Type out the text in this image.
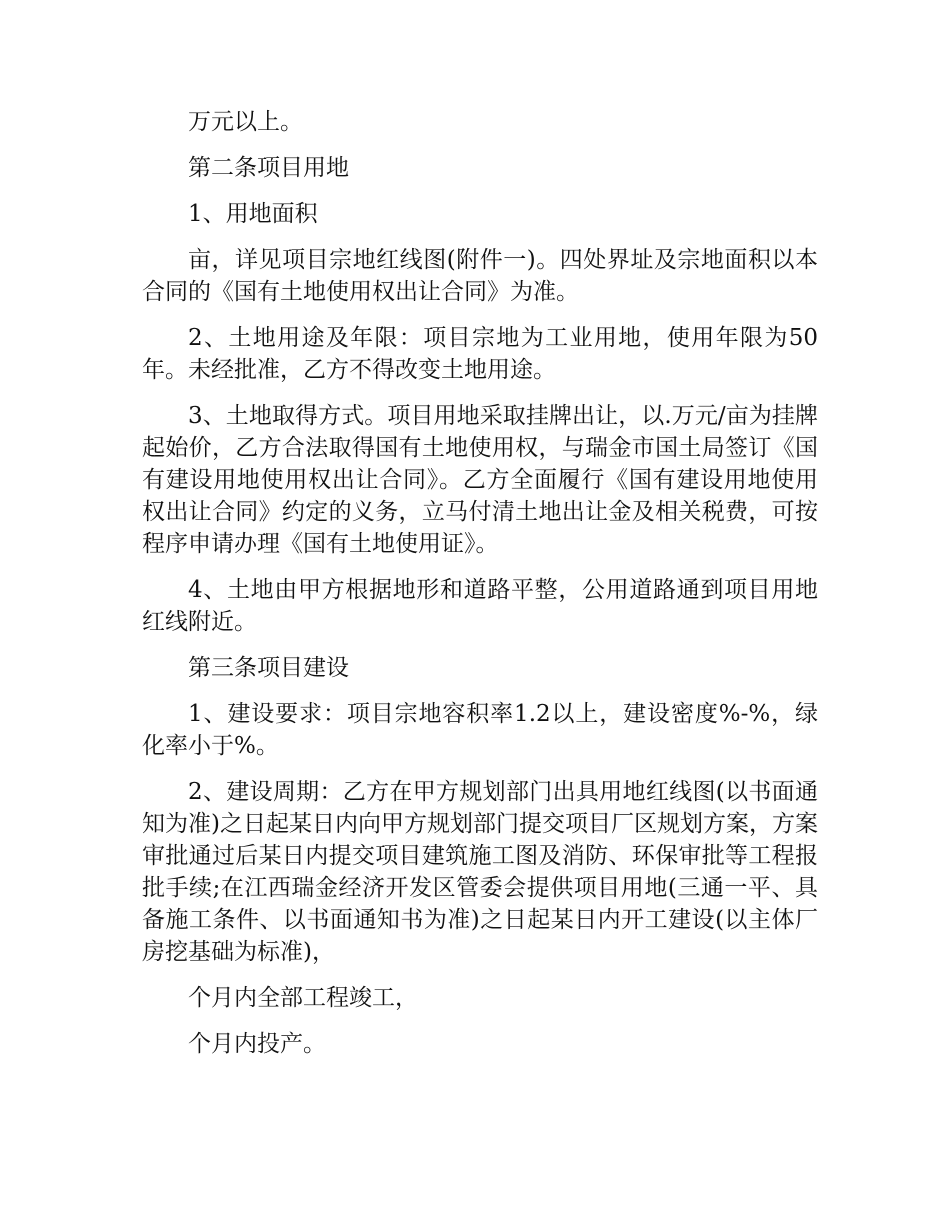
万元以上。

第二条项目用地

1、用地面积

亩，详见项目宗地红线图(附件一)。四处界址及宗地面积以本合同的《国有土地使用权出让合同》为准。

2、土地用途及年限：项目宗地为工业用地，使用年限为50年。未经批准，乙方不得改变土地用途。

3、土地取得方式。项目用地采取挂牌出让，以.万元/亩为挂牌起始价，乙方合法取得国有土地使用权，与瑞金市国土局签订《国有建设用地使用权出让合同》。乙方全面履行《国有建设用地使用权出让合同》约定的义务，立马付清土地出让金及相关税费，可按程序申请办理《国有土地使用证》。

4、土地由甲方根据地形和道路平整，公用道路通到项目用地红线附近。

第三条项目建设

1、建设要求：项目宗地容积率1.2以上，建设密度%-%，绿化率小于%。

2、建设周期：乙方在甲方规划部门出具用地红线图(以书面通知为准)之日起某日内向甲方规划部门提交项目厂区规划方案，方案审批通过后某日内提交项目建筑施工图及消防、环保审批等工程报批手续;在江西瑞金经济开发区管委会提供项目用地(三通一平、具备施工条件、以书面通知书为准)之日起某日内开工建设(以主体厂房挖基础为标准)，

个月内全部工程竣工，

个月内投产。
